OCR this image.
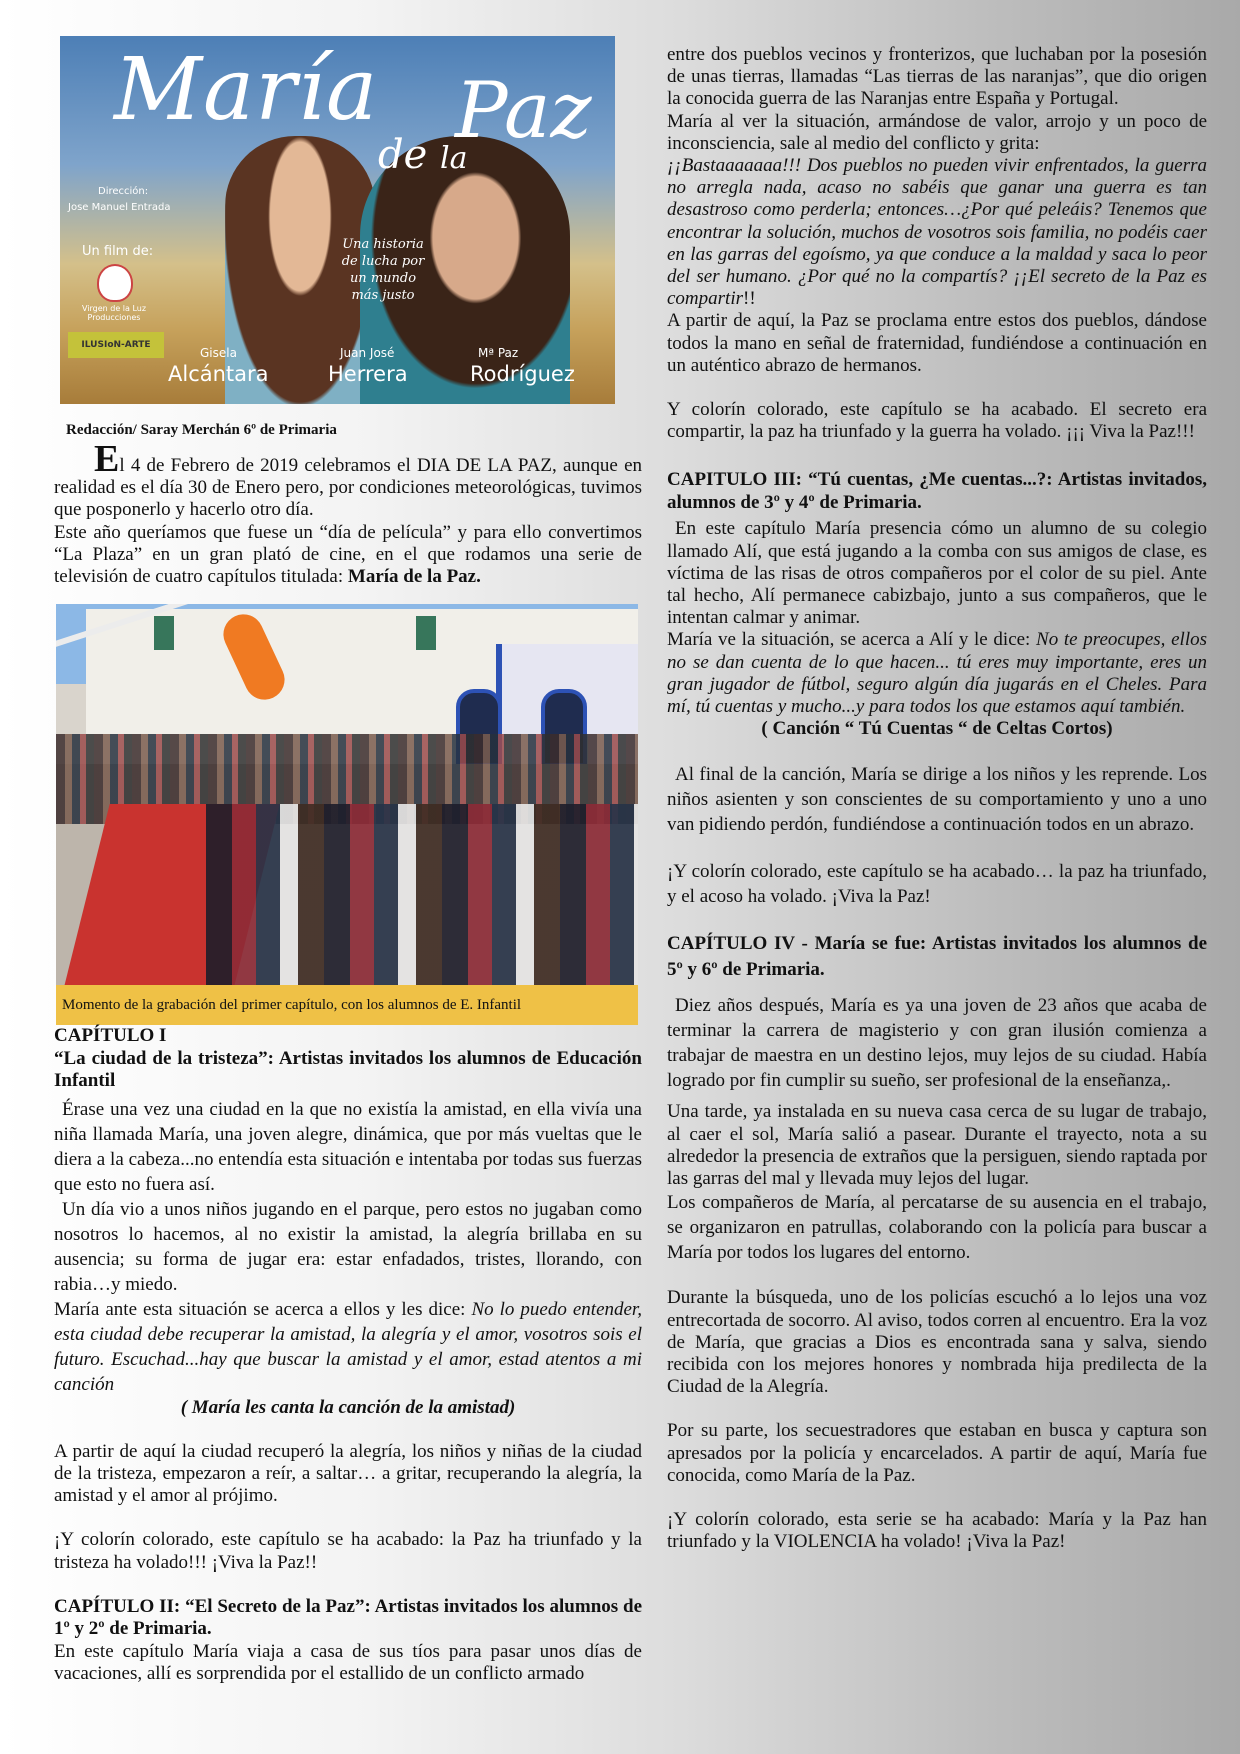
María Paz
de la
Dirección:
Jose Manuel Entrada
Un film de:
Virgen de la Luz Producciones
ILUSIoN-ARTE
Una historia de lucha por un mundo más justo
Gisela	Juan José	Mª Paz
Alcántara	Herrera	Rodríguez
Redacción/ Saray Merchán 6º de Primaria
Momento de la grabación del primer capítulo, con los alumnos de E. Infantil

El 4 de Febrero de 2019 celebramos el DIA DE LA PAZ, aunque en realidad es el día 30 de Enero pero, por condiciones meteorológicas, tuvimos que posponerlo y hacerlo otro día.

Este año queríamos que fuese un “día de película” y para ello convertimos “La Plaza” en un gran plató de cine, en el que rodamos una serie de televisión de cuatro capítulos titulada: María de la Paz.

CAPÍTULO I

“La ciudad de la tristeza”: Artistas invitados los alumnos de Educación Infantil

Érase una vez una ciudad en la que no existía la amistad, en ella vivía una niña llamada María, una joven alegre, dinámica, que por más vueltas que le diera a la cabeza...no entendía esta situación e intentaba por todas sus fuerzas que esto no fuera así.

Un día vio a unos niños jugando en el parque, pero estos no jugaban como nosotros lo hacemos, al no existir la amistad, la alegría brillaba en su ausencia; su forma de jugar era: estar enfadados, tristes, llorando, con rabia…y miedo.

María ante esta situación se acerca a ellos y les dice: No lo puedo entender, esta ciudad debe recuperar la amistad, la alegría y el amor, vosotros sois el futuro. Escuchad...hay que buscar la amistad y el amor, estad atentos a mi canción

( María les canta la canción de la amistad)

A partir de aquí la ciudad recuperó la alegría, los niños y niñas de la ciudad de la tristeza, empezaron a reír, a saltar… a gritar, recuperando la alegría, la amistad y el amor al prójimo.

¡Y colorín colorado, este capítulo se ha acabado: la Paz ha triunfado y la tristeza ha volado!!! ¡Viva la Paz!!

CAPÍTULO II: “El Secreto de la Paz”: Artistas invitados los alumnos de 1º y 2º de Primaria.

En este capítulo María viaja a casa de sus tíos para pasar unos días de vacaciones, allí es sorprendida por el estallido de un conflicto armado

entre dos pueblos vecinos y fronterizos, que luchaban por la posesión de unas tierras, llamadas “Las tierras de las naranjas”, que dio origen la conocida guerra de las Naranjas entre España y Portugal.

María al ver la situación, armándose de valor, arrojo y un poco de inconsciencia, sale al medio del conflicto y grita:

¡¡Bastaaaaaaa!!! Dos pueblos no pueden vivir enfrentados, la guerra no arregla nada, acaso no sabéis que ganar una guerra es tan desastroso como perderla; entonces…¿Por qué peleáis? Tenemos que encontrar la solución, muchos de vosotros sois familia, no podéis caer en las garras del egoísmo, ya que conduce a la maldad y saca lo peor del ser humano. ¿Por qué no la compartís? ¡¡El secreto de la Paz es compartir!!

A partir de aquí, la Paz se proclama entre estos dos pueblos, dándose todos la mano en señal de fraternidad, fundiéndose a continuación en un auténtico abrazo de hermanos.

Y colorín colorado, este capítulo se ha acabado. El secreto era compartir, la paz ha triunfado y la guerra ha volado. ¡¡¡ Viva la Paz!!!

CAPITULO III: “Tú cuentas, ¿Me cuentas...?: Artistas invitados, alumnos de 3º y 4º de Primaria.

En este capítulo María presencia cómo un alumno de su colegio llamado Alí, que está jugando a la comba con sus amigos de clase, es víctima de las risas de otros compañeros por el color de su piel. Ante tal hecho, Alí permanece cabizbajo, junto a sus compañeros, que le intentan calmar y animar.

María ve la situación, se acerca a Alí y le dice: No te preocupes, ellos no se dan cuenta de lo que hacen... tú eres muy importante, eres un gran jugador de fútbol, seguro algún día jugarás en el Cheles. Para mí, tú cuentas y mucho...y para todos los que estamos aquí también.

( Canción “ Tú Cuentas “ de Celtas Cortos)

Al final de la canción, María se dirige a los niños y les reprende. Los niños asienten y son conscientes de su comportamiento y uno a uno van pidiendo perdón, fundiéndose a continuación todos en un abrazo.

¡Y colorín colorado, este capítulo se ha acabado… la paz ha triunfado, y el acoso ha volado. ¡Viva la Paz!

CAPÍTULO IV - María se fue: Artistas invitados los alumnos de 5º y 6º de Primaria.

Diez años después, María es ya una joven de 23 años que acaba de terminar la carrera de magisterio y con gran ilusión comienza a trabajar de maestra en un destino lejos, muy lejos de su ciudad. Había logrado por fin cumplir su sueño, ser profesional de la enseñanza,.

Una tarde, ya instalada en su nueva casa cerca de su lugar de trabajo, al caer el sol, María salió a pasear. Durante el trayecto, nota a su alrededor la presencia de extraños que la persiguen, siendo raptada por las garras del mal y llevada muy lejos del lugar.

Los compañeros de María, al percatarse de su ausencia en el trabajo, se organizaron en patrullas, colaborando con la policía para buscar a María por todos los lugares del entorno.

Durante la búsqueda, uno de los policías escuchó a lo lejos una voz entrecortada de socorro. Al aviso, todos corren al encuentro. Era la voz de María, que gracias a Dios es encontrada sana y salva, siendo recibida con los mejores honores y nombrada hija predilecta de la Ciudad de la Alegría.

Por su parte, los secuestradores que estaban en busca y captura son apresados por la policía y encarcelados. A partir de aquí, María fue conocida, como María de la Paz.

¡Y colorín colorado, esta serie se ha acabado: María y la Paz han triunfado y la VIOLENCIA ha volado! ¡Viva la Paz!
